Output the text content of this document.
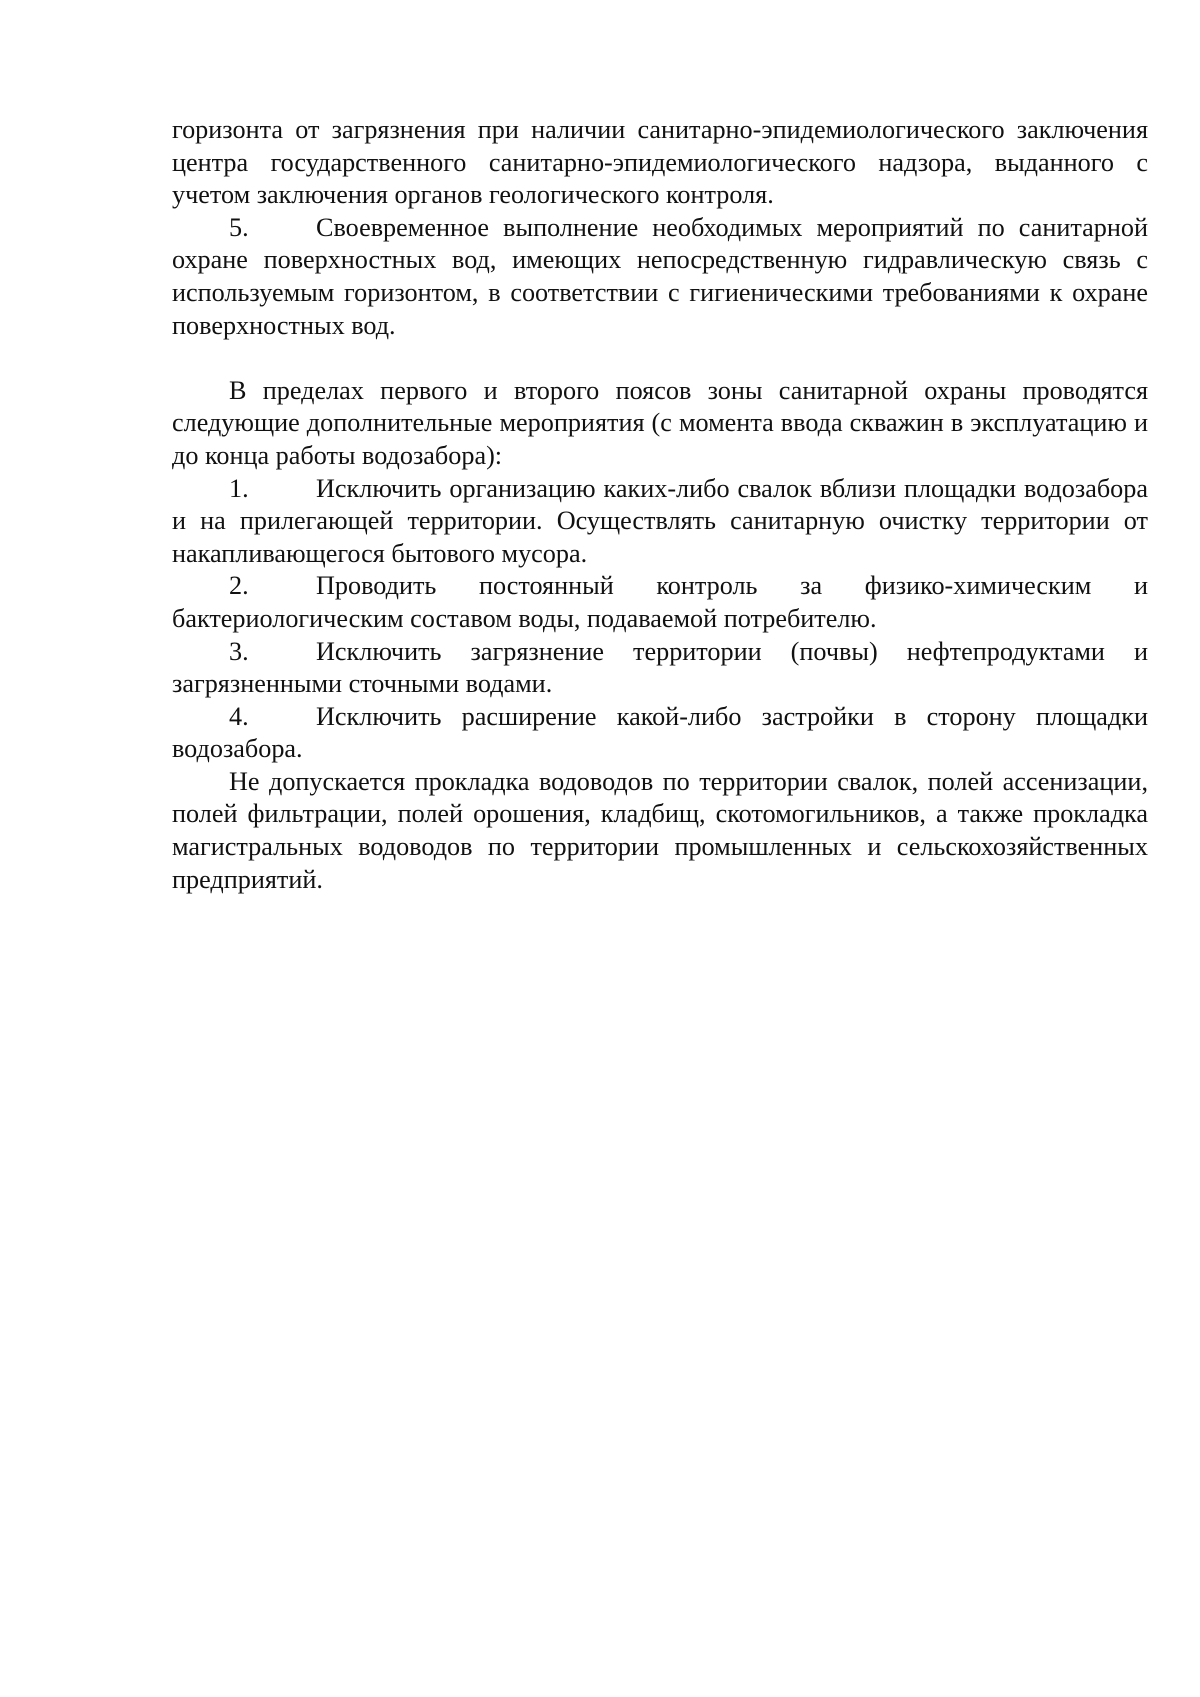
горизонта от загрязнения при наличии санитарно-эпидемиологического заключения центра государственного санитарно-эпидемиологического надзора, выданного с учетом заключения органов геологического контроля.

5.	Своевременное выполнение необходимых мероприятий по санитарной охране поверхностных вод, имеющих непосредственную гидравлическую связь с используемым горизонтом, в соответствии с гигиеническими требованиями к охране поверхностных вод.

В пределах первого и второго поясов зоны санитарной охраны проводятся следующие дополнительные мероприятия (с момента ввода скважин в эксплуатацию и до конца работы водозабора):

1.	Исключить организацию каких-либо свалок вблизи площадки водозабора и на прилегающей территории. Осуществлять санитарную очистку территории от накапливающегося бытового мусора.

2.	Проводить постоянный контроль за физико-химическим и бактериологическим составом воды, подаваемой потребителю.

3.	Исключить загрязнение территории (почвы) нефтепродуктами и загрязненными сточными водами.

4.	Исключить расширение какой-либо застройки в сторону площадки водозабора.

Не допускается прокладка водоводов по территории свалок, полей ассенизации, полей фильтрации, полей орошения, кладбищ, скотомогильников, а также прокладка магистральных водоводов по территории промышленных и сельскохозяйственных предприятий.
